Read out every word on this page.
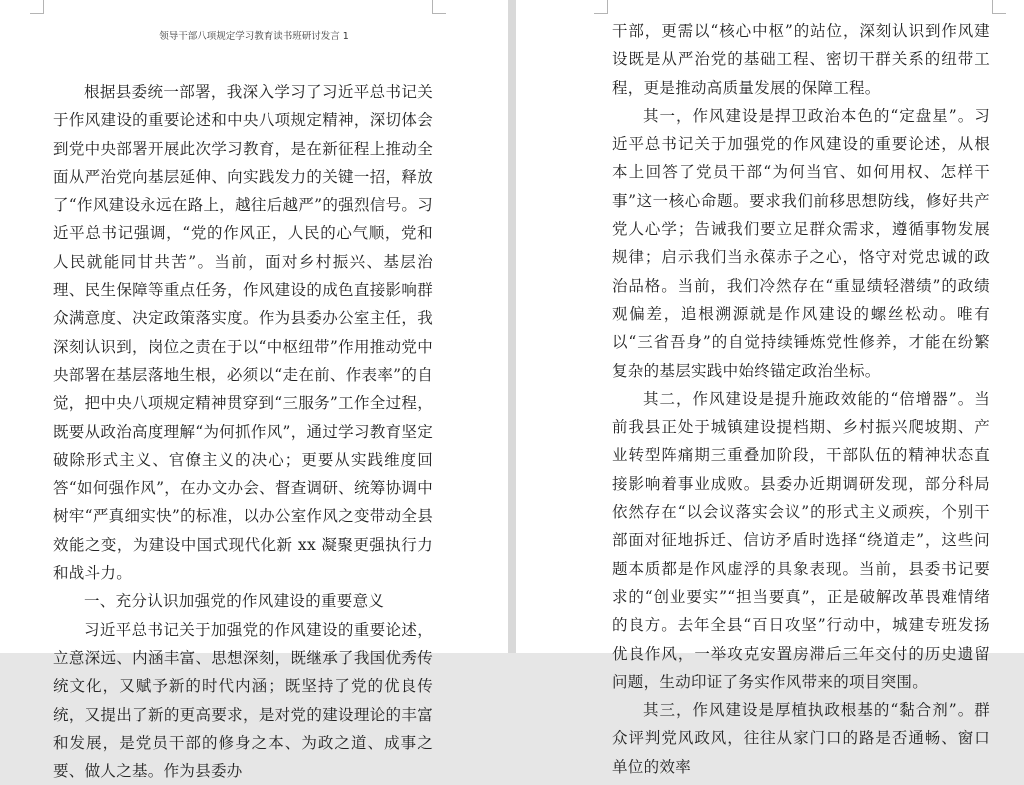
领导干部八项规定学习教育读书班研讨发言 1

根据县委统一部署，我深入学习了习近平总书记关于作风建设的重要论述和中央八项规定精神，深切体会到党中央部署开展此次学习教育，是在新征程上推动全面从严治党向基层延伸、向实践发力的关键一招，释放了“作风建设永远在路上，越往后越严”的强烈信号。习近平总书记强调，“党的作风正，人民的心气顺，党和人民就能同甘共苦”。当前，面对乡村振兴、基层治理、民生保障等重点任务，作风建设的成色直接影响群众满意度、决定政策落实度。作为县委办公室主任，我深刻认识到，岗位之责在于以“中枢纽带”作用推动党中央部署在基层落地生根，必须以“走在前、作表率”的自觉，把中央八项规定精神贯穿到“三服务”工作全过程，既要从政治高度理解“为何抓作风”，通过学习教育坚定破除形式主义、官僚主义的决心；更要从实践维度回答“如何强作风”，在办文办会、督查调研、统筹协调中树牢“严真细实快”的标准，以办公室作风之变带动全县效能之变，为建设中国式现代化新 xx 凝聚更强执行力和战斗力。

一、充分认识加强党的作风建设的重要意义

习近平总书记关于加强党的作风建设的重要论述，立意深远、内涵丰富、思想深刻，既继承了我国优秀传统文化，又赋予新的时代内涵；既坚持了党的优良传统，又提出了新的更高要求，是对党的建设理论的丰富和发展，是党员干部的修身之本、为政之道、成事之要、做人之基。作为县委办

干部，更需以“核心中枢”的站位，深刻认识到作风建设既是从严治党的基础工程、密切干群关系的纽带工程，更是推动高质量发展的保障工程。

其一，作风建设是捍卫政治本色的“定盘星”。习近平总书记关于加强党的作风建设的重要论述，从根本上回答了党员干部“为何当官、如何用权、怎样干事”这一核心命题。要求我们前移思想防线，修好共产党人心学；告诫我们要立足群众需求，遵循事物发展规律；启示我们当永葆赤子之心，恪守对党忠诚的政治品格。当前，我们冷然存在“重显绩轻潜绩”的政绩观偏差，追根溯源就是作风建设的螺丝松动。唯有以“三省吾身”的自觉持续锤炼党性修养，才能在纷繁复杂的基层实践中始终锚定政治坐标。

其二，作风建设是提升施政效能的“倍增器”。当前我县正处于城镇建设提档期、乡村振兴爬坡期、产业转型阵痛期三重叠加阶段，干部队伍的精神状态直接影响着事业成败。县委办近期调研发现，部分科局依然存在“以会议落实会议”的形式主义顽疾，个别干部面对征地拆迁、信访矛盾时选择“绕道走”，这些问题本质都是作风虚浮的具象表现。当前，县委书记要求的“创业要实”“担当要真”，正是破解改革畏难情绪的良方。去年全县“百日攻坚”行动中，城建专班发扬优良作风，一举攻克安置房滞后三年交付的历史遗留问题，生动印证了务实作风带来的项目突围。

其三，作风建设是厚植执政根基的“黏合剂”。群众评判党风政风，往往从家门口的路是否通畅、窗口单位的效率
